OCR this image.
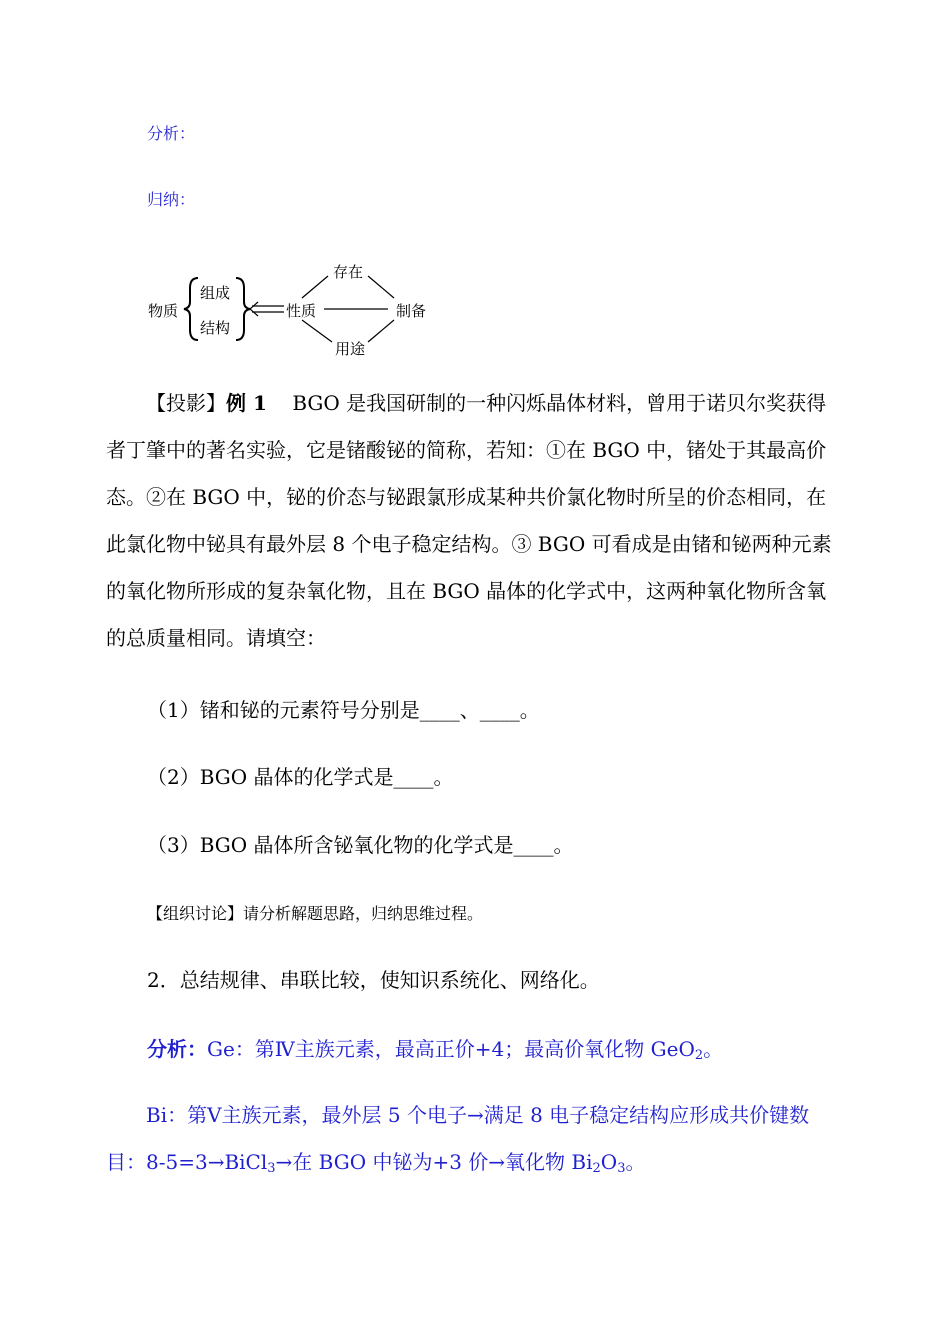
分析：
归纳：
物质
组成
结构
性质
存在
制备
用途
【投影】例 1 BGO 是我国研制的一种闪烁晶体材料，曾用于诺贝尔奖获得者丁肇中的著名实验，它是锗酸铋的简称，若知：①在 BGO 中，锗处于其最高价态。②在 BGO 中，铋的价态与铋跟氯形成某种共价氯化物时所呈的价态相同，在此氯化物中铋具有最外层 8 个电子稳定结构。③ BGO 可看成是由锗和铋两种元素的氧化物所形成的复杂氧化物，且在 BGO 晶体的化学式中，这两种氧化物所含氧的总质量相同。请填空：
（1）锗和铋的元素符号分别是____、____。
（2）BGO 晶体的化学式是____。
（3）BGO 晶体所含铋氧化物的化学式是____。
【组织讨论】请分析解题思路，归纳思维过程。
2．总结规律、串联比较，使知识系统化、网络化。
分析：Ge：第Ⅳ主族元素，最高正价+4；最高价氧化物 GeO$_2$。
Bi：第Ⅴ主族元素，最外层 5 个电子→满足 8 电子稳定结构应形成共价键数目：8-5=3→BiCl$_3$→在 BGO 中铋为+3 价→氧化物 $Bi_2O_3$。
